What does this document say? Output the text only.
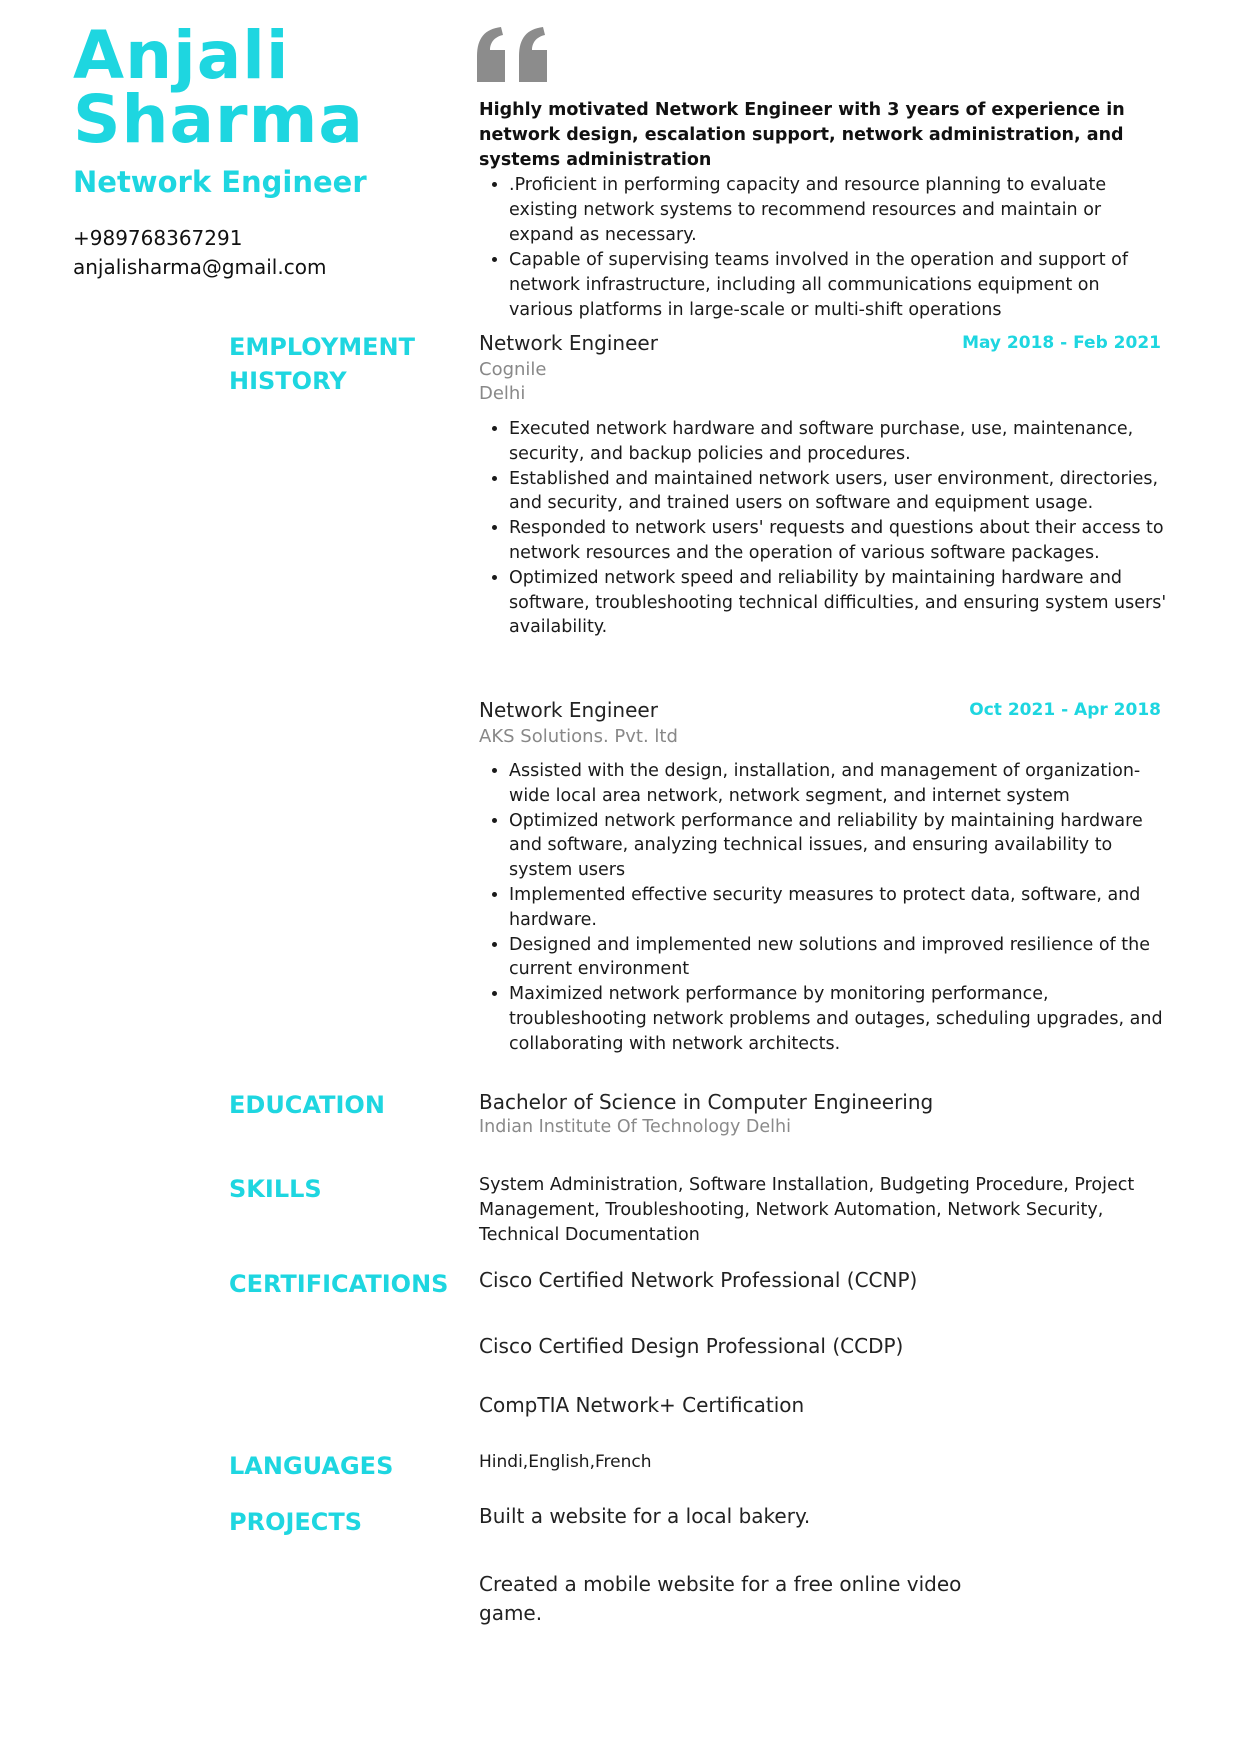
Anjali
Sharma
Network Engineer
+989768367291
anjalisharma@gmail.com
Highly motivated Network Engineer with 3 years of experience in network design, escalation support, network administration, and systems administration
• .Proficient in performing capacity and resource planning to evaluate existing network systems to recommend resources and maintain or expand as necessary.
• Capable of supervising teams involved in the operation and support of network infrastructure, including all communications equipment on various platforms in large-scale or multi-shift operations
EMPLOYMENT HISTORY
Network Engineer	May 2018 - Feb 2021
Cognile
Delhi
• Executed network hardware and software purchase, use, maintenance, security, and backup policies and procedures.
• Established and maintained network users, user environment, directories, and security, and trained users on software and equipment usage.
• Responded to network users' requests and questions about their access to network resources and the operation of various software packages.
• Optimized network speed and reliability by maintaining hardware and software, troubleshooting technical difficulties, and ensuring system users' availability.
Network Engineer	Oct 2021 - Apr 2018
AKS Solutions. Pvt. ltd
• Assisted with the design, installation, and management of organization-wide local area network, network segment, and internet system
• Optimized network performance and reliability by maintaining hardware and software, analyzing technical issues, and ensuring availability to system users
• Implemented effective security measures to protect data, software, and hardware.
• Designed and implemented new solutions and improved resilience of the current environment
• Maximized network performance by monitoring performance, troubleshooting network problems and outages, scheduling upgrades, and collaborating with network architects.
EDUCATION	Bachelor of Science in Computer Engineering
Indian Institute Of Technology Delhi
SKILLS	System Administration, Software Installation, Budgeting Procedure, Project Management, Troubleshooting, Network Automation, Network Security, Technical Documentation
CERTIFICATIONS Cisco Certified Network Professional (CCNP)
Cisco Certified Design Professional (CCDP)
CompTIA Network+ Certification
LANGUAGES	Hindi,English,French
PROJECTS	Built a website for a local bakery.
Created a mobile website for a free online video game.
